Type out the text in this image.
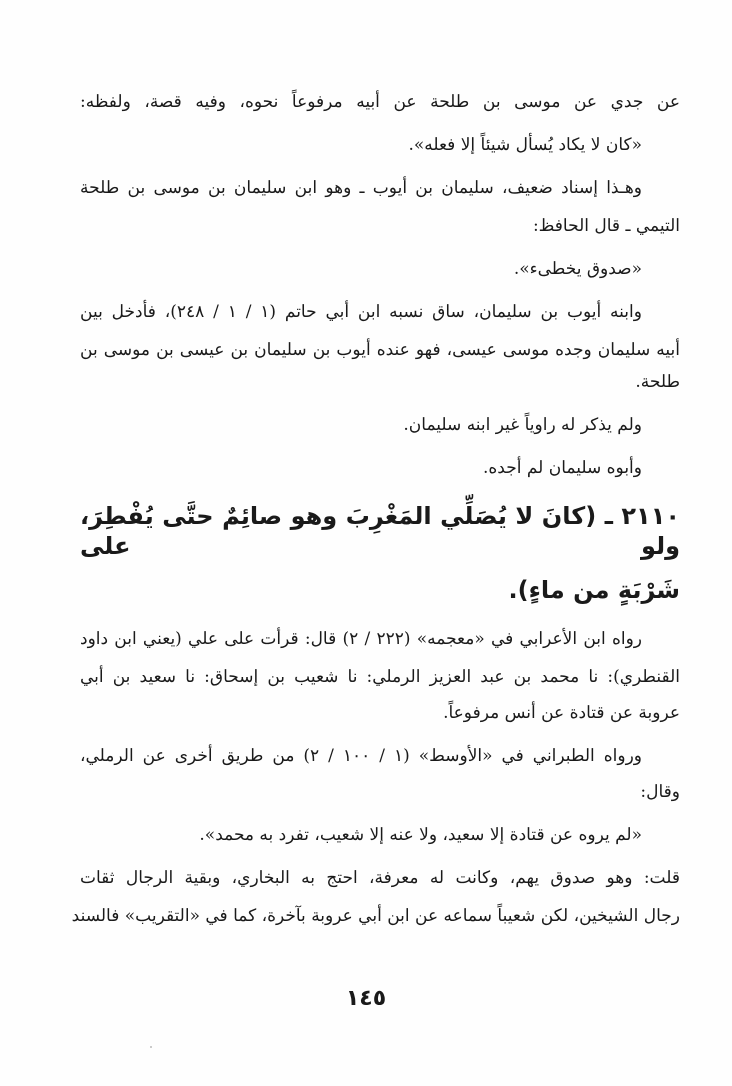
عن جدي عن موسى بن طلحة عن أبيه مرفوعاً نحوه، وفيه قصة، ولفظه:
«كان لا يكاد يُسأل شيئاً إلا فعله».
وهـذا إسناد ضعيف، سليمان بن أيوب ـ وهو ابن سليمان بن موسى بن طلحة
التيمي ـ قال الحافظ:
«صدوق يخطىء».
وابنه أيوب بن سليمان، ساق نسبه ابن أبي حاتم (١ / ١ / ٢٤٨)، فأدخل بين
أبيه سليمان وجده موسى عيسى، فهو عنده أيوب بن سليمان بن عيسى بن موسى بن
طلحة.
ولم يذكر له راوياً غير ابنه سليمان.
وأبوه سليمان لم أجده.
٢١١٠ ـ (كانَ لا يُصَلِّي المَغْرِبَ وهو صائِمٌ حتَّى يُفْطِرَ، ولو على
شَرْبَةٍ من ماءٍ).
رواه ابن الأعرابي في «معجمه» (٢٢٢ / ٢) قال: قرأت على علي (يعني ابن داود
القنطري): نا محمد بن عبد العزيز الرملي: نا شعيب بن إسحاق: نا سعيد بن أبي
عروبة عن قتادة عن أنس مرفوعاً.
ورواه الطبراني في «الأوسط» (١ / ١٠٠ / ٢) من طريق أخرى عن الرملي،
وقال:
«لم يروه عن قتادة إلا سعيد، ولا عنه إلا شعيب، تفرد به محمد».
قلت: وهو صدوق يهم، وكانت له معرفة، احتج به البخاري، وبقية الرجال ثقات
رجال الشيخين، لكن شعيباً سماعه عن ابن أبي عروبة بآخرة، كما في «التقريب» فالسند
١٤٥
